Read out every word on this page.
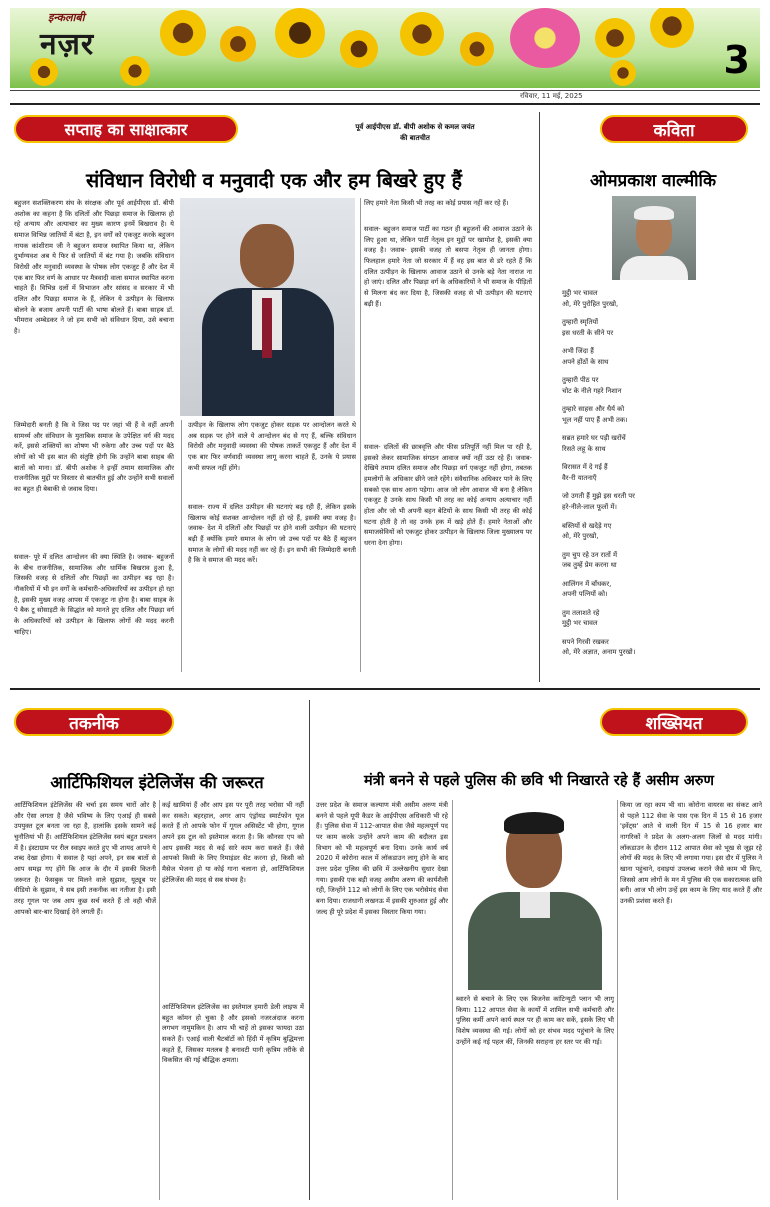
इन्कलाबी
नज़र	3
रविवार, 11 मई, 2025
सप्ताह का साक्षात्कार	पूर्व आईपीएस डॉ. बीपी अशोक से कमल जयंत
की बातचीत
संविधान विरोधी व मनुवादी एक और हम बिखरे हुए हैं
बहुजन सशक्तिकरण संघ के संरक्षक और पूर्व आईपीएस डॉ. बीपी अशोक का कहना है कि दलितों और पिछड़ा समाज के खिलाफ हो रहे अन्याय और अत्याचार का मुख्य कारण इनमें बिखराव है। ये समाज विभिन्न जातियों में बंटा है, इन वर्गों को एकजुट करके बहुजन नायक कांशीराम जी ने बहुजन समाज स्थापित किया था, लेकिन दुर्भाग्यवश अब ये फिर से जातियों में बंट गया है। जबकि संविधान विरोधी और मनुवादी व्यवस्था के पोषक लोग एकजुट हैं और देश में एक बार फिर वर्ण के आधार पर मैत्रवादी वाला समाज स्थापित करना चाहते हैं। विभिन्न दलों में विभाजन और सांसद व सरकार में भी दलित और पिछड़ा समाज के हैं, लेकिन ये उत्पीड़न के खिलाफ बोलने के बजाय अपनी पार्टी की भाषा बोलते हैं। बाबा साहब डॉ. भीमराव अम्बेडकर ने जो हम सभी को संविधान दिया, उसे बचाना है।
लिए हमारे नेता किसी भी तरह का कोई प्रयास नहीं कर रहे हैं।
सवाल- बहुजन समाज पार्टी का गठन ही बहुजनों की आवाज उठाने के लिए हुआ था, लेकिन पार्टी नेतृत्व इन मुद्दों पर खामोश है, इसकी क्या वजह है। जवाब- इसकी वजह तो बसपा नेतृत्व ही जानता होगा। फिलहाल हमारे नेता जो सरकार में हैं वह इस बात से डरे रहते हैं कि दलित उत्पीड़न के खिलाफ आवाज उठाने से उनके बड़े नेता नाराज ना हो जाएं। दलित और पिछड़ा वर्ग के अधिकारियों ने भी समाज के पीड़ितों से मिलना बंद कर दिया है, जिसकी वजह से भी उत्पीड़न की घटनाएं बढ़ी हैं।
जिम्मेदारी बनती है कि वे जिस पद पर जहां भी हैं वे वहीं अपनी सामर्थ्य और संविधान के मुताबिक समाज के उपेक्षित वर्ग की मदद करें, इससे शक्तियों का शोषण भी रुकेगा और उच्च पदों पर बैठे लोगों को भी इस बात की संतुष्टि होगी कि उन्होंने बाबा साहब की बातों को माना। डॉ. बीपी अशोक ने इन्हीं तमाम सामाजिक और राजनीतिक मुद्दों पर विस्तार से बातचीत हुई और उन्होंने सभी सवालों का बहुत ही बेबाकी से जवाब दिया।
सवाल- पूरे में दलित आन्दोलन की क्या स्थिति है। जवाब- बहुजनों के बीच राजनीतिक, सामाजिक और धार्मिक बिखराव हुआ है, जिसकी वजह से दलितों और पिछड़ों का उत्पीड़न बढ़ रहा है। नौकरियों में भी इन वर्गों के कर्मचारी-अधिकारियों का उत्पीड़न हो रहा है, इसकी मुख्य वजह आपस में एकजुट ना होना है। बाबा साहब के पे बैक टू सोसाइटी के सिद्धांत को मानते हुए दलित और पिछड़ा वर्ग के अधिकारियों को उत्पीड़न के खिलाफ लोगों की मदद करनी चाहिए।
उत्पीड़न के खिलाफ लोग एकजुट होकर सड़क पर आन्दोलन करते थे अब सड़क पर होने वाले ये आन्दोलन बंद से गए हैं, बल्कि संविधान विरोधी और मनुवादी व्यवस्था की पोषक ताकतें एकजुट हैं और देश में एक बार फिर वर्णवादी व्यवस्था लागू करना चाहते हैं, उनके ये प्रयास कभी सफल नहीं होंगे।
सवाल- राज्य में दलित उत्पीड़न की घटनाएं बढ़ रही हैं, लेकिन इसके खिलाफ कोई सशक्त आन्दोलन नहीं हो रहे हैं, इसकी क्या वजह है। जवाब- देश में दलितों और पिछड़ों पर होने वाली उत्पीड़न की घटनाएं बढ़ी हैं क्योंकि हमारे समाज के लोग जो उच्च पदों पर बैठे हैं बहुजन समाज के लोगों की मदद नहीं कर रहे हैं। इन सभी की जिम्मेदारी बनती है कि वे समाज की मदद करें।
सवाल- दलितों की छात्रवृत्ति और फीस प्रतिपूर्ति नहीं मिल पा रही है, इसको लेकर सामाजिक संगठन आवाज क्यों नहीं उठा रहे हैं। जवाब- देखिये तमाम दलित समाज और पिछड़ा वर्ग एकजुट नहीं होगा, तबतक हमलोगों के अधिकार छीने जाते रहेंगे। संवैधानिक अधिकार पाने के लिए सबको एक साथ आना पड़ेगा। आज जो लोग आवाज भी बना है लेकिन एकजुट है उनके साथ किसी भी तरह का कोई अन्याय अत्याचार नहीं होता और जो भी अपनी बहन बेटियों के साथ किसी भी तरह की कोई घटना होती है तो वह उनके हक में खड़े होते हैं। हमारे नेताओं और समाजसेवियों को एकजुट होकर उत्पीड़न के खिलाफ जिला मुख्यालय पर धरना देना होगा।
कविता
ओमप्रकाश वाल्मीकि
मुट्ठी भर चावल
ओ, मेरे पुरोहित पुरखो,
तुम्हारी स्मृतियों
इस धरती के सीने पर
अभी जिंदा हैं
अपने होंठों के साथ
तुम्हारी पीठ पर
चोट के नीले गहरे निशान
तुम्हारे साहस और धैर्य को
भूल नहीं पाए हैं अभी तक।
सब्रत हमारे घर पड़ी खरोंचें
रिसते लहू के साथ
विरासत में दे गई हैं
वैर-री यातनाएँ
जो उगती हैं मुझे इस धरती पर
हरे-नीले-लाल फूलों में।
बस्तियों से खदेड़े गए
ओ, मेरे पुरखो,
तुम चुप रहे उन रातों में
जब तुम्हें प्रेम करना था
आलिंगन में बाँधकर,
अपनी पत्नियों को।
तुम तलाशते रहे
मुट्ठी भर चावल
सपने गिरवी रखकर
ओ, मेरे अज्ञात, अनाम पुरखो।
तकनीक
आर्टिफिशियल इंटेलिजेंस की जरूरत
आर्टिफिशियल इंटेलिजेंस की चर्चा इस समय चारों ओर है और ऐसा लगता है जैसे भविष्य के लिए एआई ही सबसे उपयुक्त टूल बनता जा रहा है, हालांकि इसके सामने कई चुनौतियां भी हैं। आर्टिफिशियल इंटेलिजेंस स्वयं बहुत प्रचलन में है। इंस्टाग्राम पर रील स्वाइप करते हुए भी शायद आपने ये शब्द देखा होगा। ये सवाल है यहां अपने, इन सब बातों से आप समझ गए होंगे कि आज के दौर में इसकी कितनी जरूरत है। फेसबुक पर मिलने वाले सुझाव, यूट्यूब पर वीडियो के सुझाव, ये सब इसी तकनीक का नतीजा है। इसी तरह गूगल पर जब आप कुछ सर्च करते हैं तो वही चीजें आपको बार-बार दिखाई देने लगती हैं।
कई खामियां हैं और आप इस पर पूरी तरह भरोसा भी नहीं कर सकते। बहरहाल, अगर आप एंड्रॉयड स्मार्टफोन यूज करते हैं तो आपके फोन में गूगल असिस्टेंट भी होगा, गूगल अपने इस टूल को इस्तेमाल करता है। कि कौनसा एप को आप इसकी मदद से कई सारे काम करा सकते हैं। जैसे आपको किसी के लिए रिमाइंडर सेट करना हो, किसी को मैसेज भेजना हो या कोई गाना चलाना हो, आर्टिफिशियल इंटेलिजेंस की मदद से सब संभव है।
आर्टिफिशियल इंटेलिजेंस का इस्तेमाल हमारी डेली लाइफ में बहुत कॉमन हो चुका है और इसको नजरअंदाज करना लगभग नामुमकिन है। आप भी चाहें तो इसका फायदा उठा सकते हैं। एआई वाली चैटबॉटों को हिंदी में कृत्रिम बुद्धिमत्ता कहते हैं, जिसका मतलब है बनावटी यानी कृत्रिम तरीके से विकसित की गई बौद्धिक क्षमता।
शख्सियत
मंत्री बनने से पहले पुलिस की छवि भी निखारते रहे हैं असीम अरुण
उत्तर प्रदेश के समाज कल्याण मंत्री असीम अरुण मंत्री बनने से पहले यूपी कैडर के आईपीएस अधिकारी भी रहे हैं। पुलिस सेवा में 112-आपात सेवा जैसे महत्वपूर्ण पद पर काम करके उन्होंने अपने काम की बदौलत इस विभाग को भी महत्वपूर्ण बना दिया। उनके कार्य वर्ष 2020 में कोरोना काल में लॉकडाउन लागू होने के बाद उत्तर प्रदेश पुलिस की छवि में उल्लेखनीय सुधार देखा गया। इसकी एक बड़ी वजह असीम अरुण की कार्यशैली रही, जिन्होंने 112 को लोगों के लिए एक भरोसेमंद सेवा बना दिया। राजधानी लखनऊ में इसकी शुरुआत हुई और जल्द ही पूरे प्रदेश में इसका विस्तार किया गया।
ब्वारने से बचाने के लिए एक बिजनेस कांटिन्युटी प्लान भी लागू किया। 112 आपात सेवा के कार्यों में शामिल सभी कर्मचारी और पुलिस कर्मी अपने कार्य स्थल पर ही काम कर सकें, इसके लिए भी विशेष व्यवस्था की गई। लोगों को हर संभव मदद पहुंचाने के लिए उन्होंने कई नई पहल कीं, जिनकी सराहना हर स्तर पर की गई।
किया जा रहा काम भी था। कोरोना वायरस का संकट आने से पहले 112 सेवा के पास एक दिन में 15 से 16 हजार 'इवेंट्स' आते थे वाली दिन में 15 से 16 हजार बार नागरिकों ने प्रदेश के अलग-अलग जिलों से मदद मांगी। लॉकडाउन के दौरान 112 आपात सेवा को भूख से जूझ रहे लोगों की मदद के लिए भी लगाया गया। इस दौर में पुलिस ने खाना पहुंचाने, दवाइयां उपलब्ध कराने जैसे काम भी किए, जिससे आम लोगों के मन में पुलिस की एक सकारात्मक छवि बनी। आज भी लोग उन्हें इस काम के लिए याद करते हैं और उनकी प्रशंसा करते हैं।
